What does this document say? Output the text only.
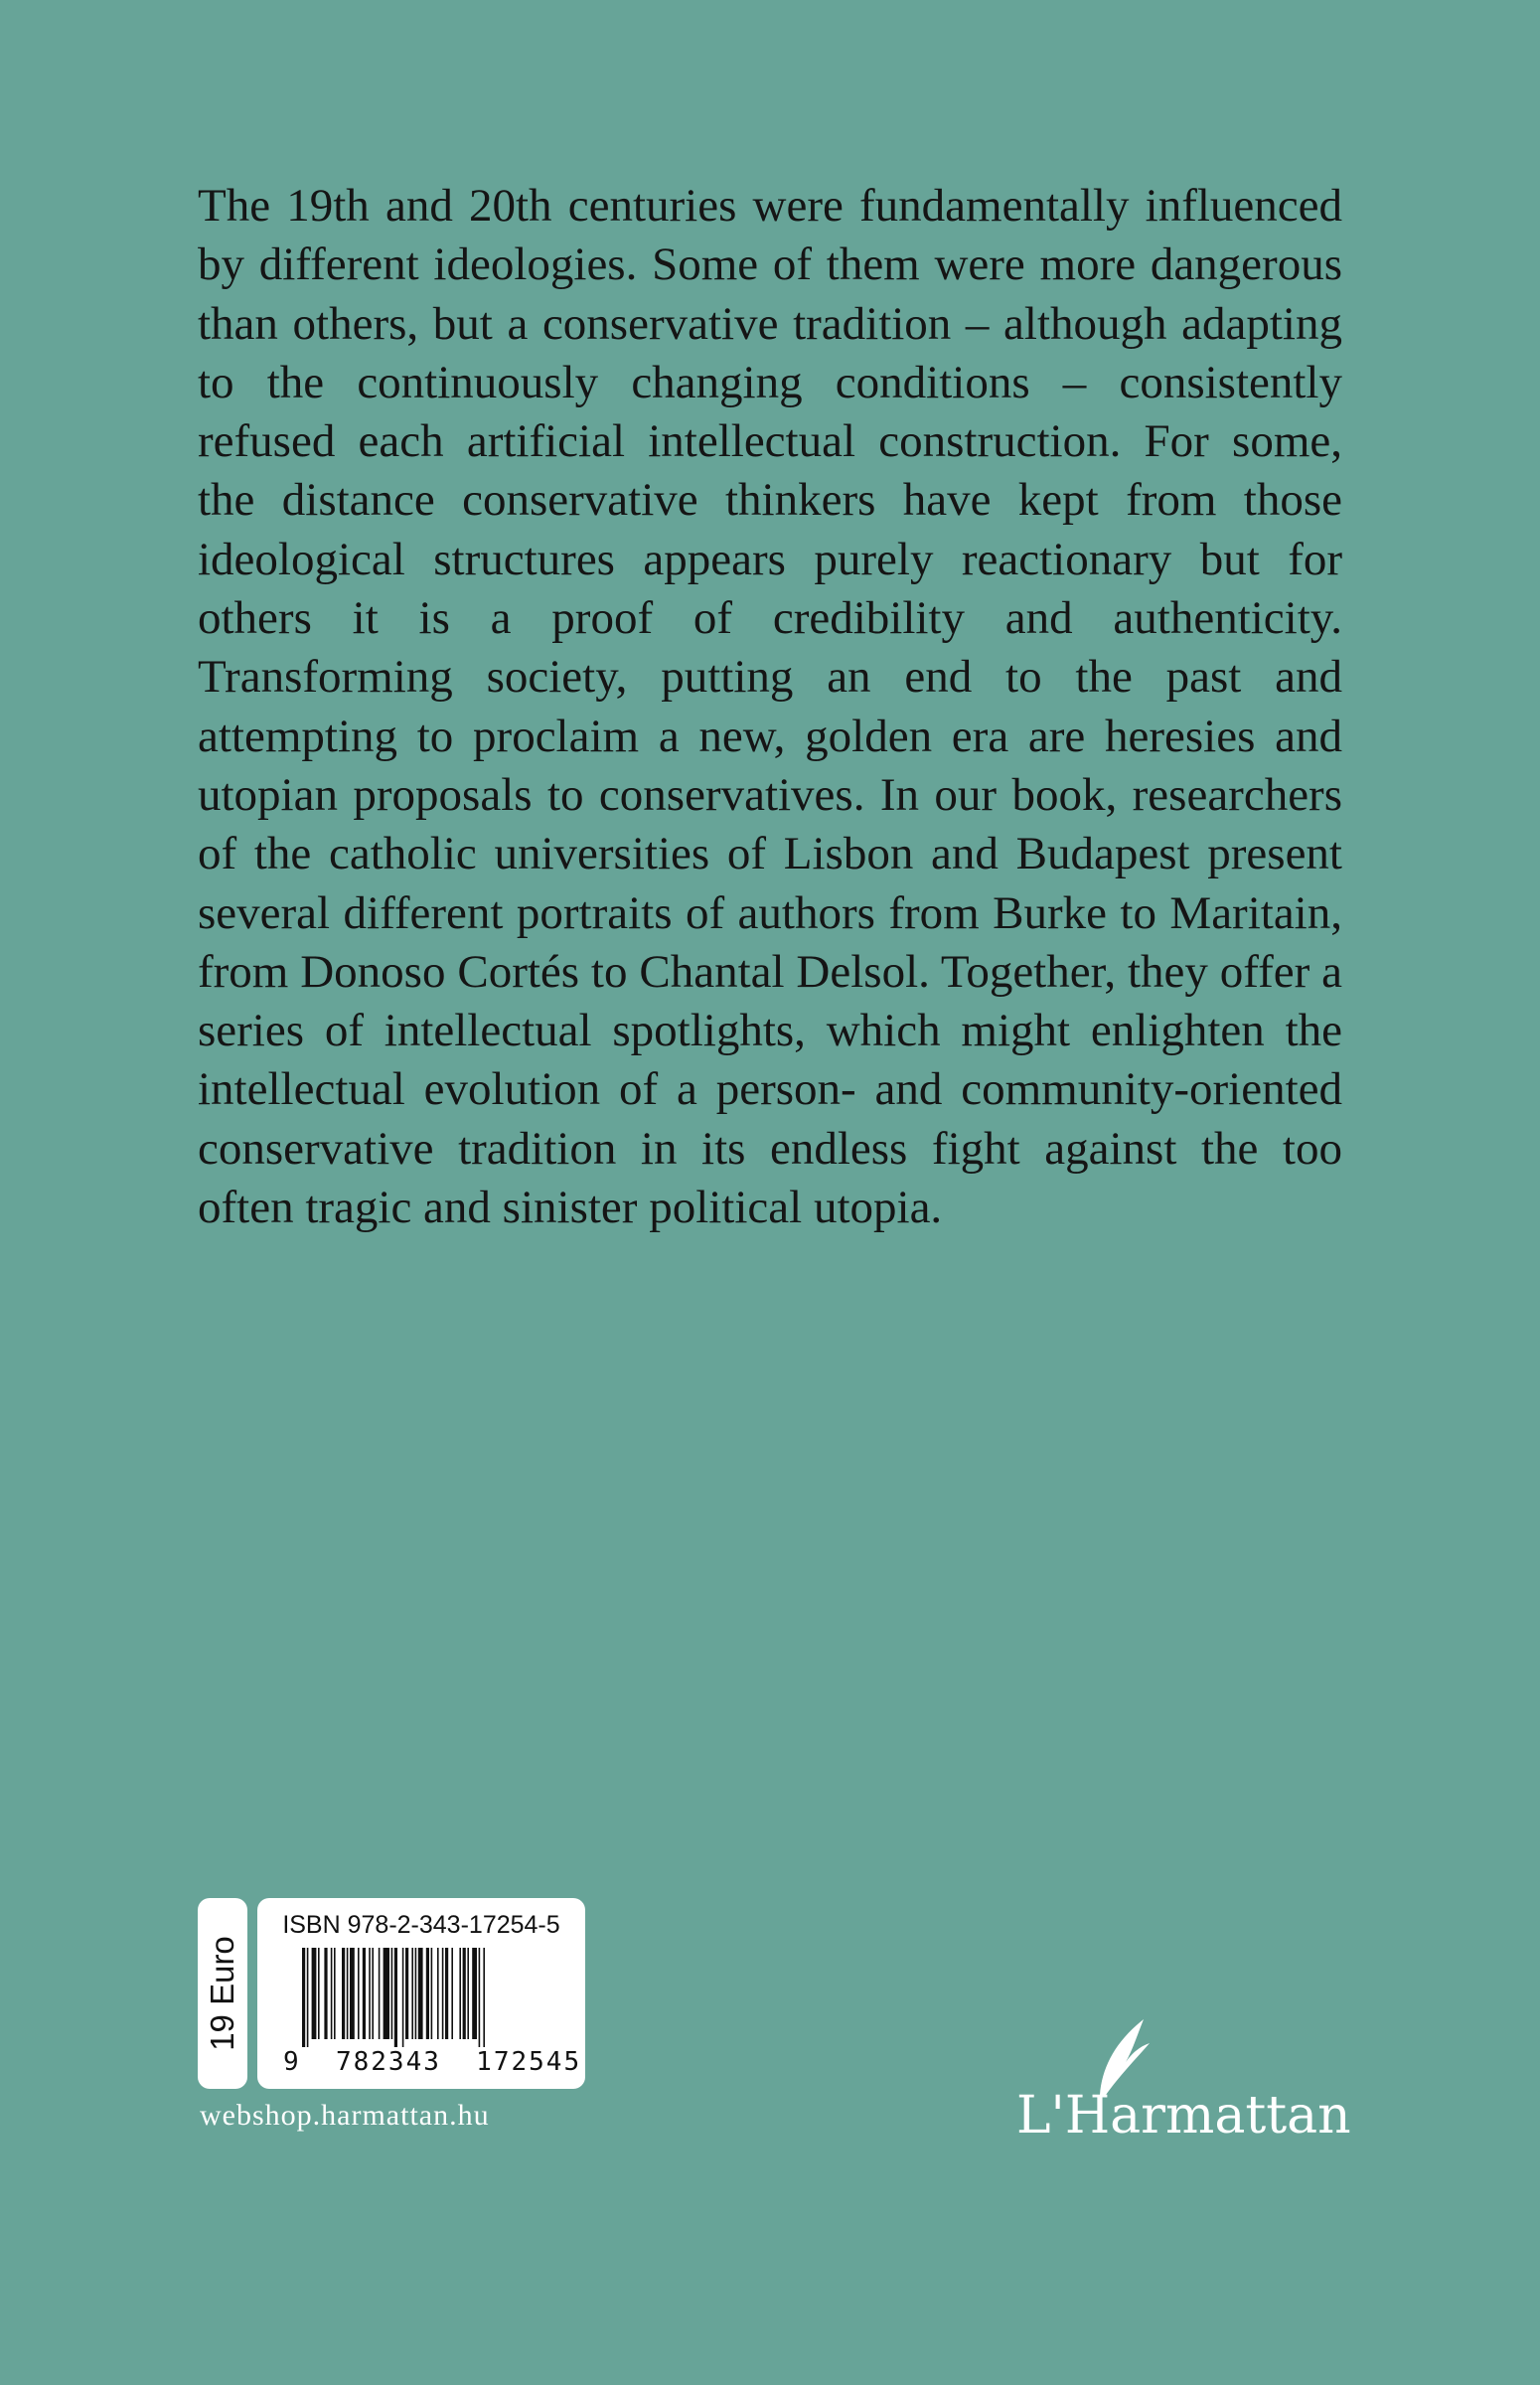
The 19th and 20th centuries were fundamentally influenced by different ideologies. Some of them were more dangerous than others, but a conservative tradition – although adapting to the continuously changing conditions – consistently refused each artificial intellectual construction. For some, the distance conservative thinkers have kept from those ideological structures appears purely reactionary but for others it is a proof of credibility and authenticity. Transforming society, putting an end to the past and attempting to proclaim a new, golden era are heresies and utopian proposals to conservatives. In our book, researchers of the catholic universities of Lisbon and Budapest present several different portraits of authors from Burke to Maritain, from Donoso Cortés to Chantal Delsol. Together, they offer a series of intellectual spotlights, which might enlighten the intellectual evolution of a person- and community-oriented conservative tradition in its endless fight against the too often tragic and sinister political utopia.

19 Euro
ISBN 978-2-343-17254-5
9  782343  172545
webshop.harmattan.hu	L'Harmattan
